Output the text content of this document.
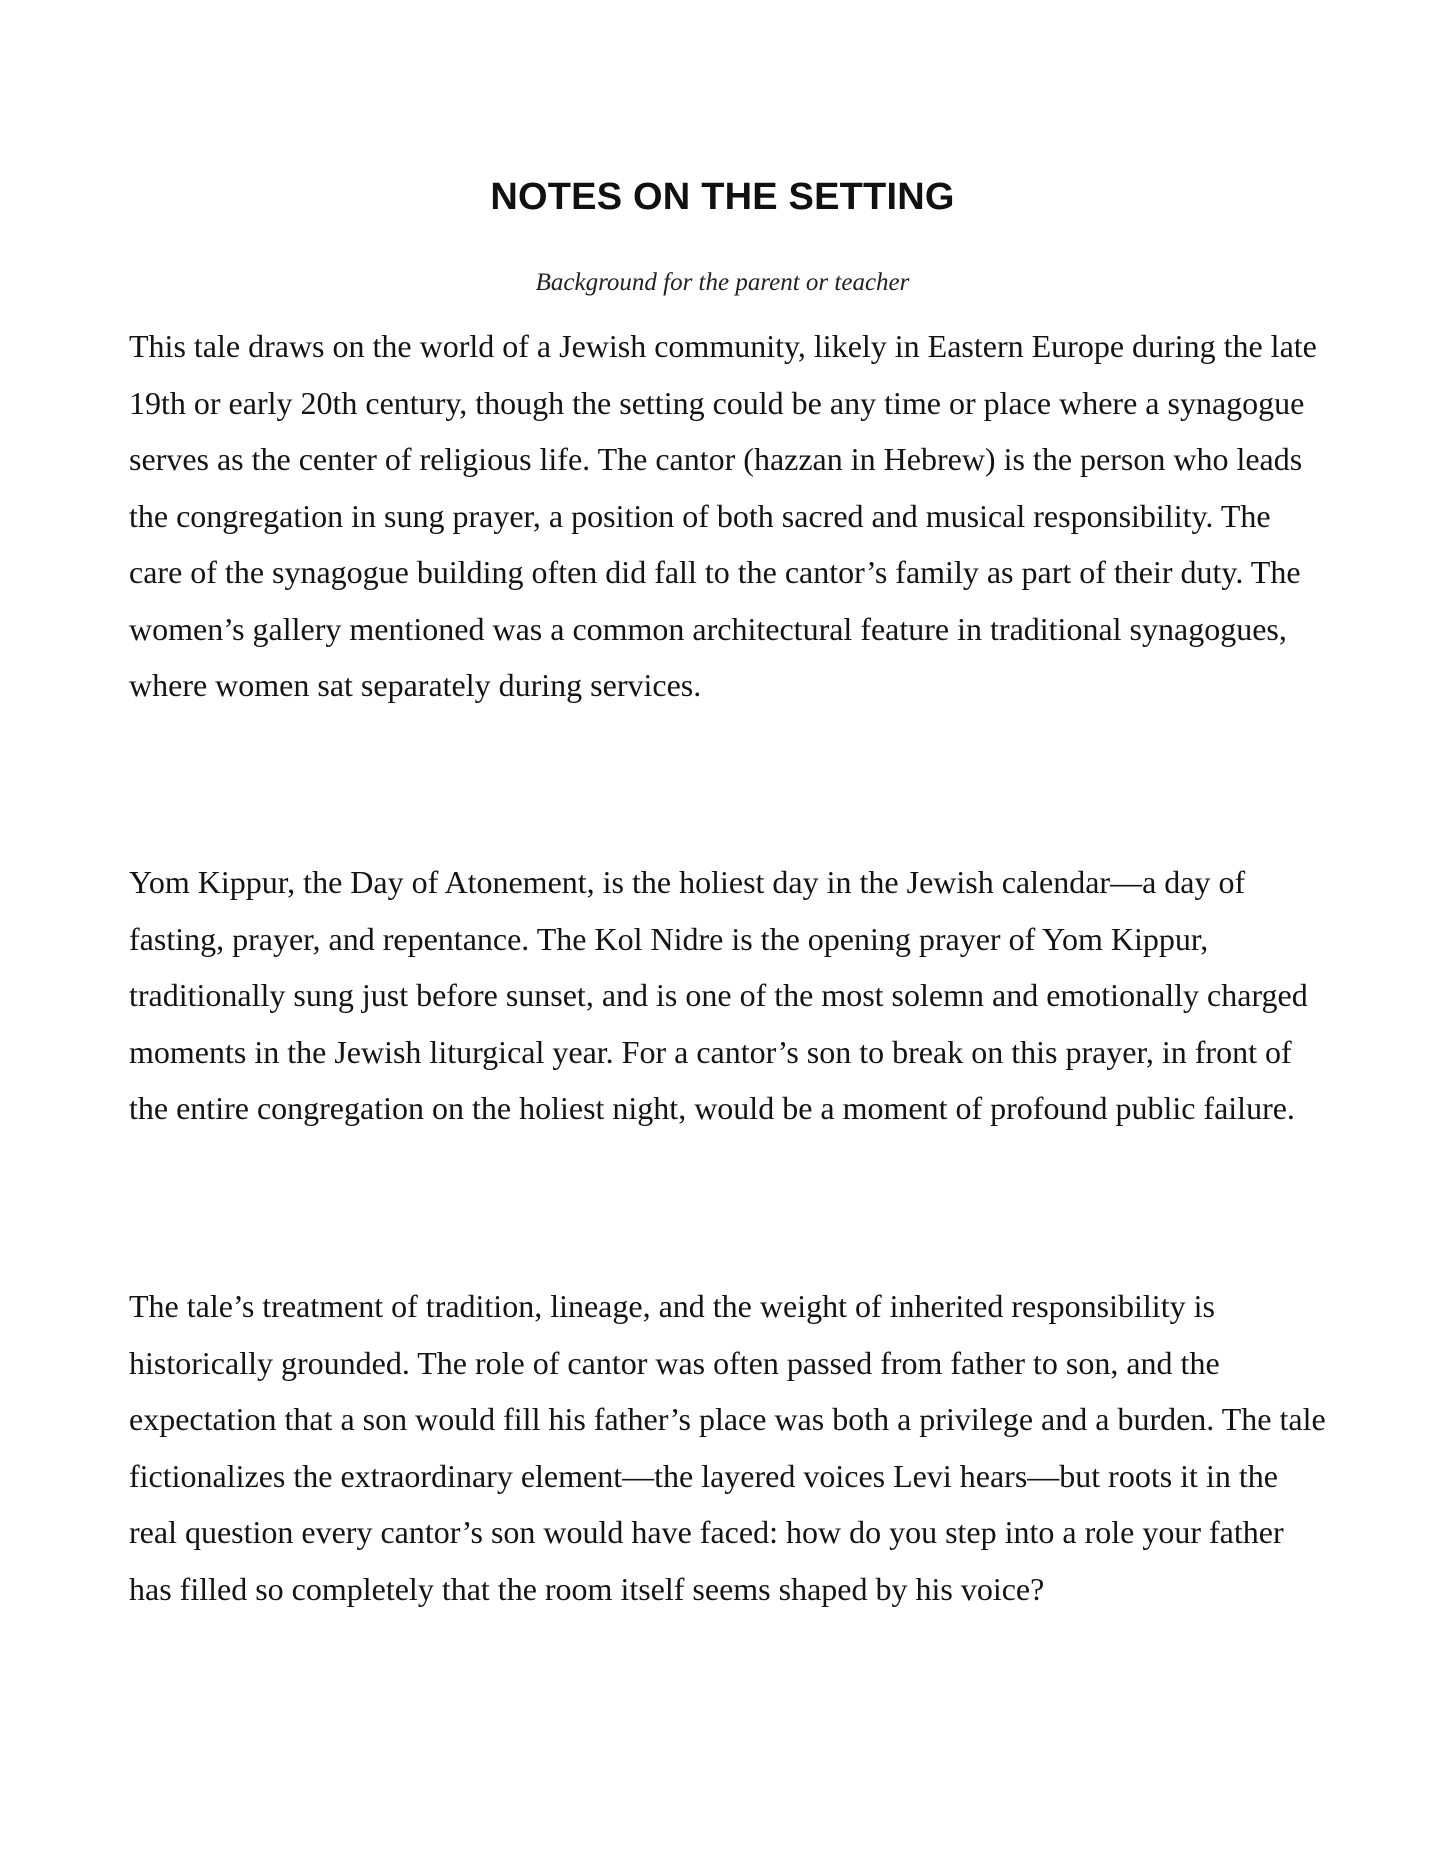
NOTES ON THE SETTING

Background for the parent or teacher

This tale draws on the world of a Jewish community, likely in Eastern Europe during the late 19th or early 20th century, though the setting could be any time or place where a synagogue serves as the center of religious life. The cantor (hazzan in Hebrew) is the person who leads the congregation in sung prayer, a position of both sacred and musical responsibility. The care of the synagogue building often did fall to the cantor’s family as part of their duty. The women’s gallery mentioned was a common architectural feature in traditional synagogues, where women sat separately during services.

Yom Kippur, the Day of Atonement, is the holiest day in the Jewish calendar—a day of fasting, prayer, and repentance. The Kol Nidre is the opening prayer of Yom Kippur, traditionally sung just before sunset, and is one of the most solemn and emotionally charged moments in the Jewish liturgical year. For a cantor’s son to break on this prayer, in front of the entire congregation on the holiest night, would be a moment of profound public failure.

The tale’s treatment of tradition, lineage, and the weight of inherited responsibility is historically grounded. The role of cantor was often passed from father to son, and the expectation that a son would fill his father’s place was both a privilege and a burden. The tale fictionalizes the extraordinary element—the layered voices Levi hears—but roots it in the real question every cantor’s son would have faced: how do you step into a role your father has filled so completely that the room itself seems shaped by his voice?
